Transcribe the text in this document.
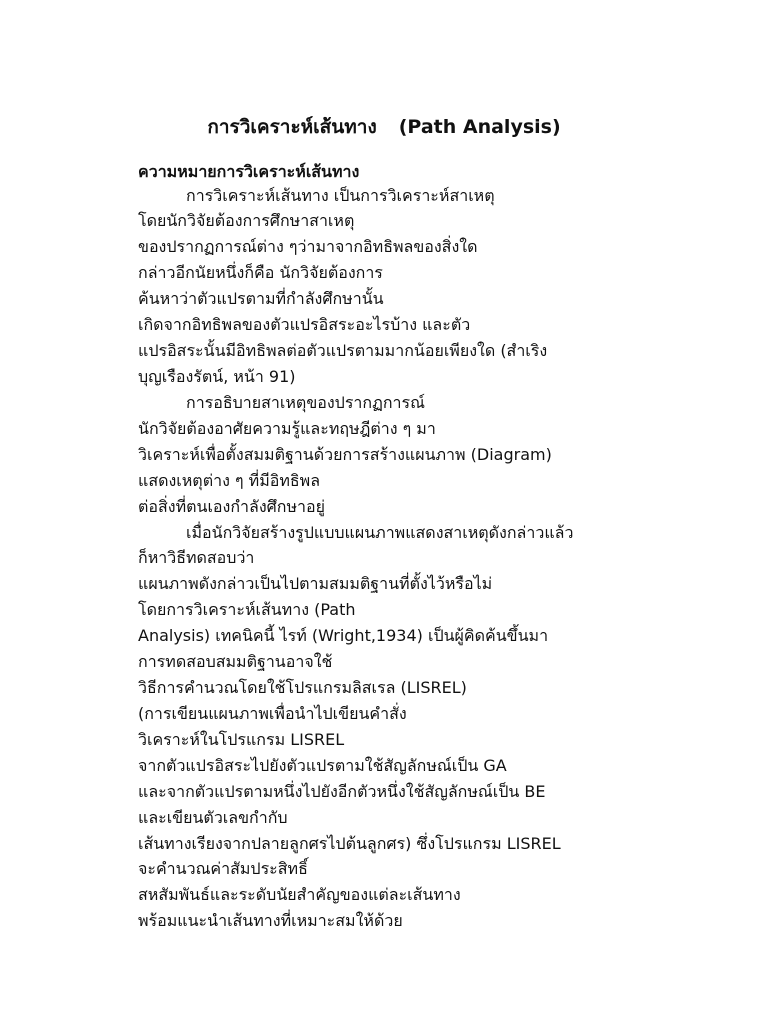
การวิเคราะห์เส้นทาง (Path Analysis)
ความหมายการวิเคราะห์เส้นทาง
การวิเคราะห์เส้นทาง เป็นการวิเคราะห์สาเหตุ
โดยนักวิจัยต้องการศึกษาสาเหตุ
ของปรากฏการณ์ต่าง ๆว่ามาจากอิทธิพลของสิ่งใด
กล่าวอีกนัยหนึ่งก็คือ นักวิจัยต้องการ
ค้นหาว่าตัวแปรตามที่กำลังศึกษานั้น
เกิดจากอิทธิพลของตัวแปรอิสระอะไรบ้าง และตัว
แปรอิสระนั้นมีอิทธิพลต่อตัวแปรตามมากน้อยเพียงใด (สำเริง
บุญเรืองรัตน์, หน้า 91)
การอธิบายสาเหตุของปรากฏการณ์
นักวิจัยต้องอาศัยความรู้และทฤษฎีต่าง ๆ มา
วิเคราะห์เพื่อตั้งสมมติฐานด้วยการสร้างแผนภาพ (Diagram)
แสดงเหตุต่าง ๆ ที่มีอิทธิพล
ต่อสิ่งที่ตนเองกำลังศึกษาอยู่
เมื่อนักวิจัยสร้างรูปแบบแผนภาพแสดงสาเหตุดังกล่าวแล้ว
ก็หาวิธีทดสอบว่า
แผนภาพดังกล่าวเป็นไปตามสมมติฐานที่ตั้งไว้หรือไม่
โดยการวิเคราะห์เส้นทาง (Path
Analysis) เทคนิคนี้ ไรท์ (Wright,1934) เป็นผู้คิดค้นขึ้นมา
การทดสอบสมมติฐานอาจใช้
วิธีการคำนวณโดยใช้โปรแกรมลิสเรล (LISREL)
(การเขียนแผนภาพเพื่อนำไปเขียนคำสั่ง
วิเคราะห์ในโปรแกรม LISREL
จากตัวแปรอิสระไปยังตัวแปรตามใช้สัญลักษณ์เป็น GA
และจากตัวแปรตามหนึ่งไปยังอีกตัวหนึ่งใช้สัญลักษณ์เป็น BE
และเขียนตัวเลขกำกับ
เส้นทางเรียงจากปลายลูกศรไปต้นลูกศร) ซึ่งโปรแกรม LISREL
จะคำนวณค่าสัมประสิทธิ์
สหสัมพันธ์และระดับนัยสำคัญของแต่ละเส้นทาง
พร้อมแนะนำเส้นทางที่เหมาะสมให้ด้วย
